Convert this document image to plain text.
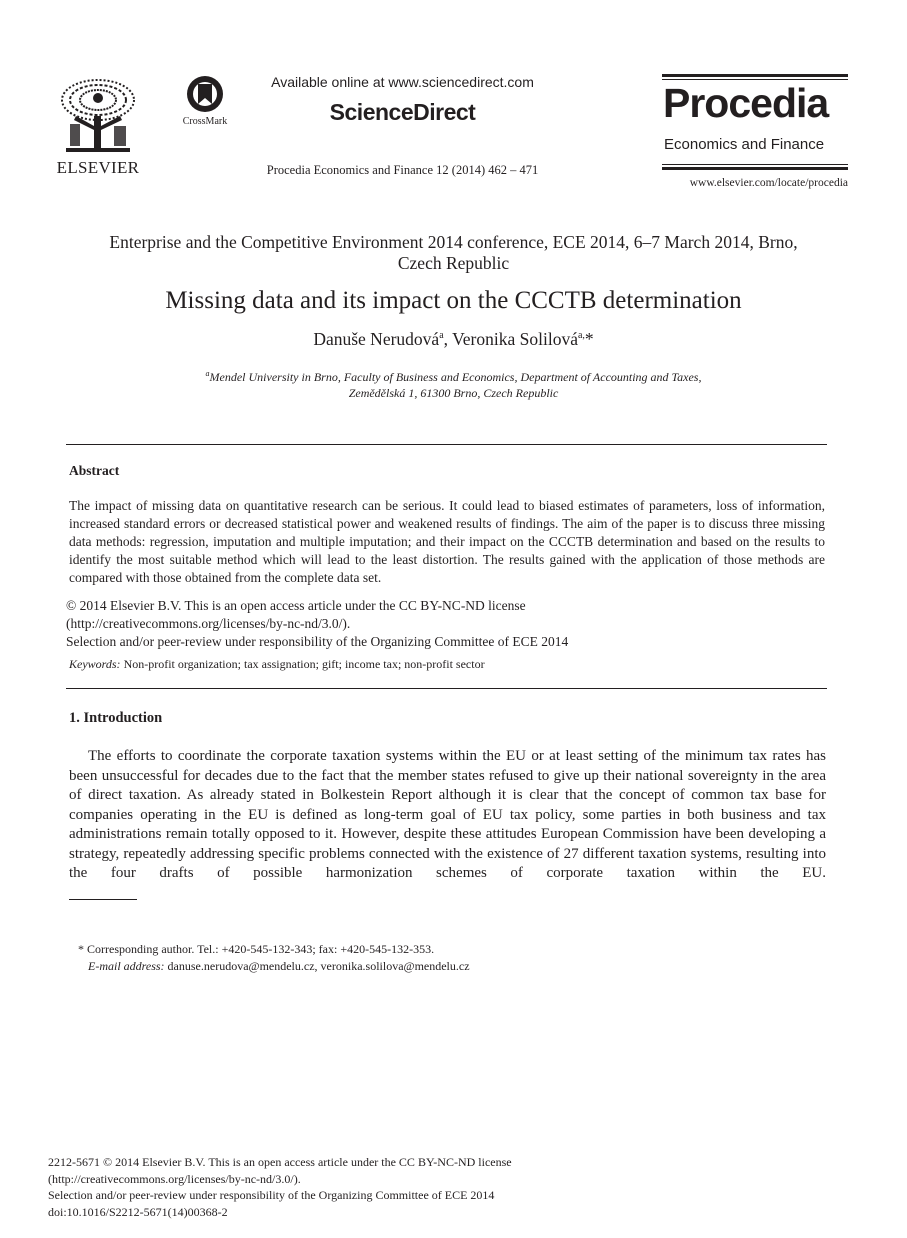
ELSEVIER
CrossMark
Available online at www.sciencedirect.com
ScienceDirect
Procedia Economics and Finance 12 (2014) 462 – 471
Procedia
Economics and Finance
www.elsevier.com/locate/procedia
Enterprise and the Competitive Environment 2014 conference, ECE 2014, 6–7 March 2014, Brno,
Czech Republic
Missing data and its impact on the CCCTB determination
Danuše Nerudová$^a$, Veronika Solilová$^{a,}$*
$^a$Mendel University in Brno, Faculty of Business and Economics, Department of Accounting and Taxes,
Zemědělská 1, 61300 Brno, Czech Republic
Abstract
The impact of missing data on quantitative research can be serious. It could lead to biased estimates of parameters, loss of information, increased standard errors or decreased statistical power and weakened results of findings. The aim of the paper is to discuss three missing data methods: regression, imputation and multiple imputation; and their impact on the CCCTB determination and based on the results to identify the most suitable method which will lead to the least distortion. The results gained with the application of those methods are compared with those obtained from the complete data set.
© 2014 Elsevier B.V. This is an open access article under the CC BY-NC-ND license
(http://creativecommons.org/licenses/by-nc-nd/3.0/).
Selection and/or peer-review under responsibility of the Organizing Committee of ECE 2014
Keywords: Non-profit organization; tax assignation; gift; income tax; non-profit sector
1. Introduction
The efforts to coordinate the corporate taxation systems within the EU or at least setting of the minimum tax rates has been unsuccessful for decades due to the fact that the member states refused to give up their national sovereignty in the area of direct taxation. As already stated in Bolkestein Report although it is clear that the concept of common tax base for companies operating in the EU is defined as long-term goal of EU tax policy, some parties in both business and tax administrations remain totally opposed to it. However, despite these attitudes European Commission have been developing a strategy, repeatedly addressing specific problems connected with the existence of 27 different taxation systems, resulting into the four drafts of possible harmonization schemes of corporate taxation within the EU.
* Corresponding author. Tel.: +420-545-132-343; fax: +420-545-132-353.
E-mail address: danuse.nerudova@mendelu.cz, veronika.solilova@mendelu.cz
2212-5671 © 2014 Elsevier B.V. This is an open access article under the CC BY-NC-ND license
(http://creativecommons.org/licenses/by-nc-nd/3.0/).
Selection and/or peer-review under responsibility of the Organizing Committee of ECE 2014
doi:10.1016/S2212-5671(14)00368-2
